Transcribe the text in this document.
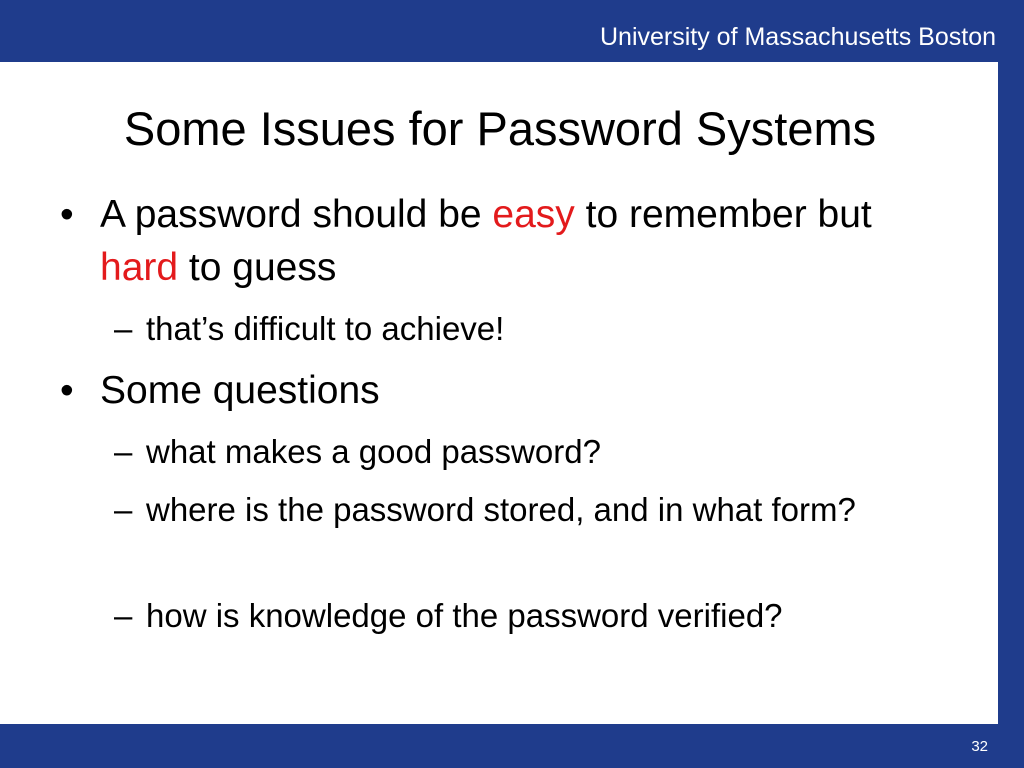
University of Massachusetts Boston
Some Issues for Password Systems
• A password should be easy to remember but hard to guess
– that’s difficult to achieve!
• Some questions
– what makes a good password?
– where is the password stored, and in what form?
– how is knowledge of the password verified?
32
